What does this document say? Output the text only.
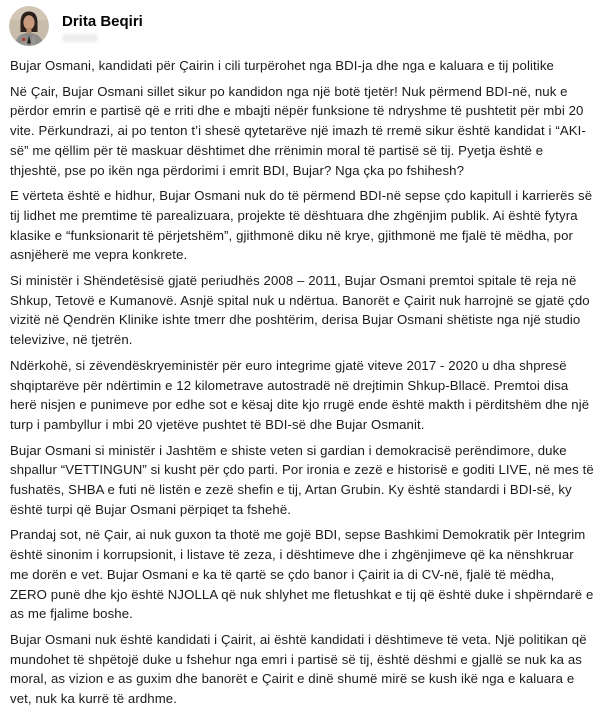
Drita Beqiri

Bujar Osmani, kandidati për Çairin i cili turpërohet nga BDI-ja dhe nga e kaluara e tij politike

Në Çair, Bujar Osmani sillet sikur po kandidon nga një botë tjetër! Nuk përmend BDI-në, nuk e përdor emrin e partisë që e rriti dhe e mbajti nëpër funksione të ndryshme të pushtetit për mbi 20 vite. Përkundrazi, ai po tenton t’i shesë qytetarëve një imazh të rremë sikur është kandidat i “AKI-së” me qëllim për të maskuar dështimet dhe rrënimin moral të partisë së tij. Pyetja është e thjeshtë, pse po ikën nga përdorimi i emrit BDI, Bujar? Nga çka po fshihesh?

E vërteta është e hidhur, Bujar Osmani nuk do të përmend BDI-në sepse çdo kapitull i karrierës së tij lidhet me premtime të parealizuara, projekte të dështuara dhe zhgënjim publik. Ai është fytyra klasike e “funksionarit të përjetshëm”, gjithmonë diku në krye, gjithmonë me fjalë të mëdha, por asnjëherë me vepra konkrete.

Si ministër i Shëndetësisë gjatë periudhës 2008 – 2011, Bujar Osmani premtoi spitale të reja në Shkup, Tetovë e Kumanovë. Asnjë spital nuk u ndërtua. Banorët e Çairit nuk harrojnë se gjatë çdo vizitë në Qendrën Klinike ishte tmerr dhe poshtërim, derisa Bujar Osmani shëtiste nga një studio televizive, në tjetrën.

Ndërkohë, si zëvendëskryeministër për euro integrime gjatë viteve 2017 - 2020 u dha shpresë shqiptarëve për ndërtimin e 12 kilometrave autostradë në drejtimin Shkup-Bllacë. Premtoi disa herë nisjen e punimeve por edhe sot e kësaj dite kjo rrugë ende është makth i përditshëm dhe një turp i pambyllur i mbi 20 vjetëve pushtet të BDI-së dhe Bujar Osmanit.

Bujar Osmani si ministër i Jashtëm e shiste veten si gardian i demokracisë perëndimore, duke shpallur “VETTINGUN” si kusht për çdo parti. Por ironia e zezë e historisë e goditi LIVE, në mes të fushatës, SHBA e futi në listën e zezë shefin e tij, Artan Grubin. Ky është standardi i BDI-së, ky është turpi që Bujar Osmani përpiqet ta fshehë.

Prandaj sot, në Çair, ai nuk guxon ta thotë me gojë BDI, sepse Bashkimi Demokratik për Integrim është sinonim i korrupsionit, i listave të zeza, i dështimeve dhe i zhgënjimeve që ka nënshkruar me dorën e vet. Bujar Osmani e ka të qartë se çdo banor i Çairit ia di CV-në, fjalë të mëdha, ZERO punë dhe kjo është NJOLLA që nuk shlyhet me fletushkat e tij që është duke i shpërndarë e as me fjalime boshe.

Bujar Osmani nuk është kandidati i Çairit, ai është kandidati i dështimeve të veta. Një politikan që mundohet të shpëtojë duke u fshehur nga emri i partisë së tij, është dëshmi e gjallë se nuk ka as moral, as vizion e as guxim dhe banorët e Çairit e dinë shumë mirë se kush ikë nga e kaluara e vet, nuk ka kurrë të ardhme.
